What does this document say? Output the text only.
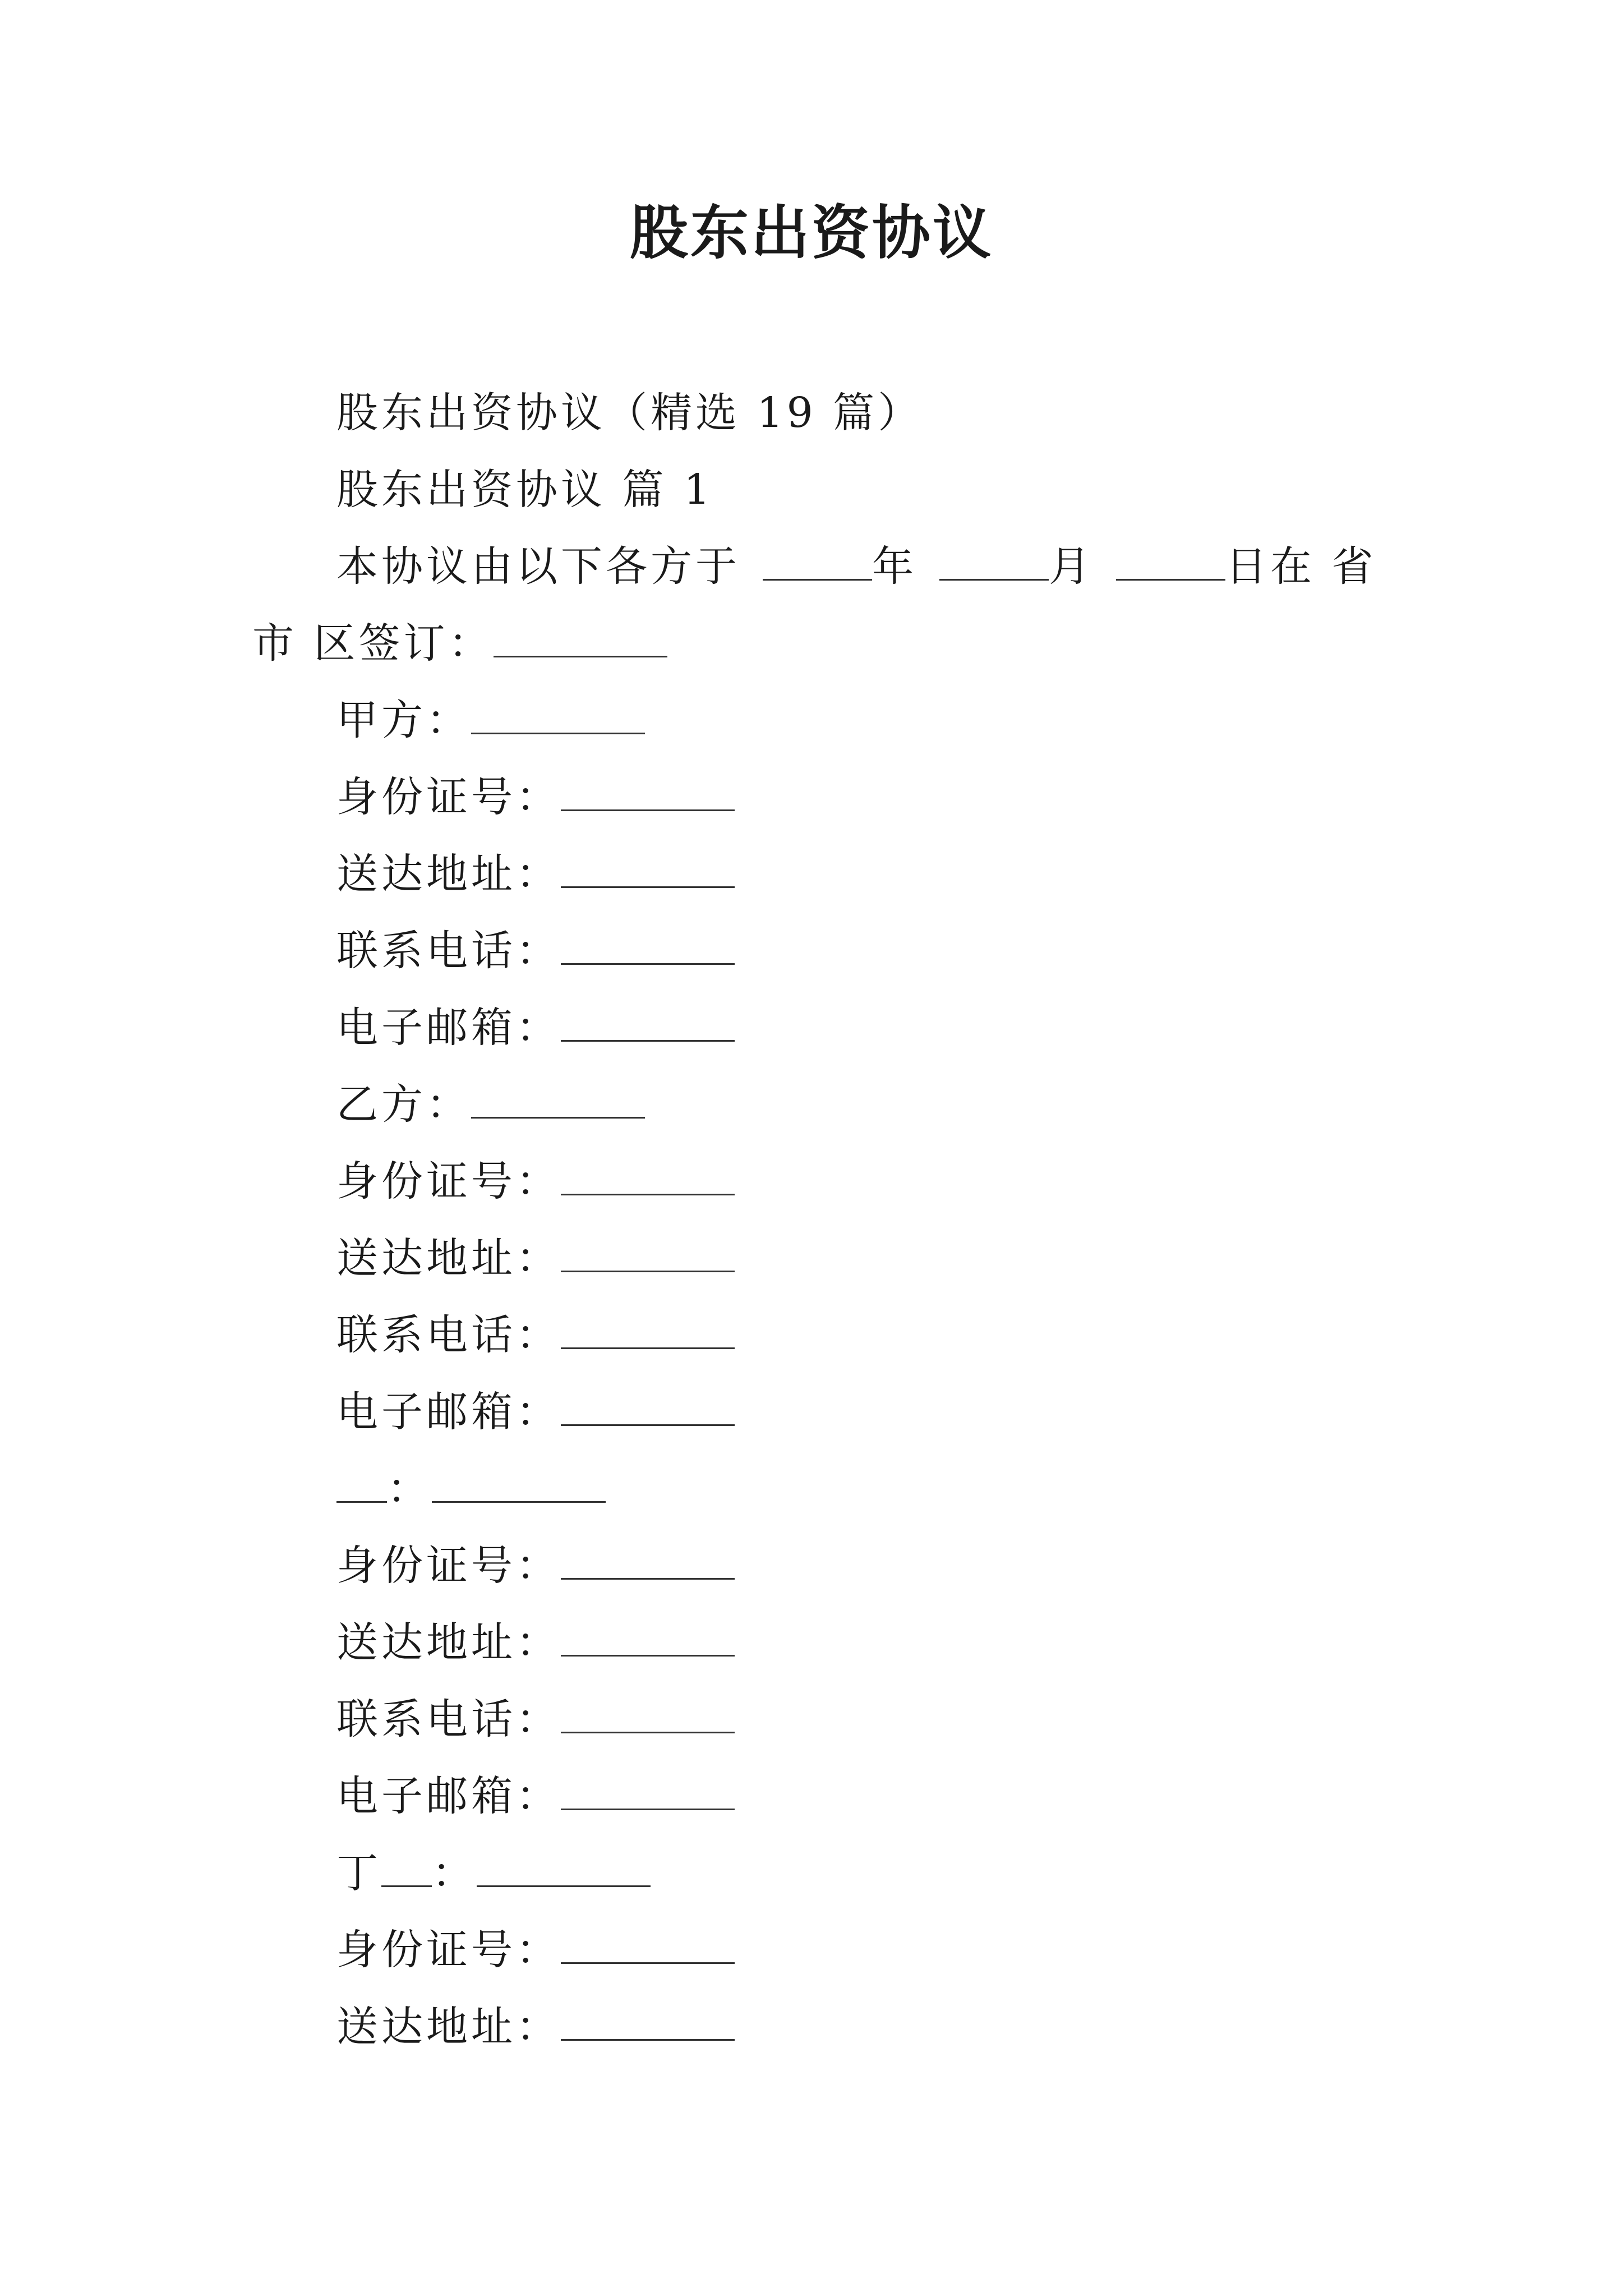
股东出资协议
股东出资协议（精选 19 篇）
股东出资协议 篇 1
本协议由以下各方于	年	月	日在 省
市 区签订：
甲方：
身份证号：
送达地址：
联系电话：
电子邮箱：
乙方：
身份证号：
送达地址：
联系电话：
电子邮箱：
：
身份证号：
送达地址：
联系电话：
电子邮箱：
丁 ：
身份证号：
送达地址：
